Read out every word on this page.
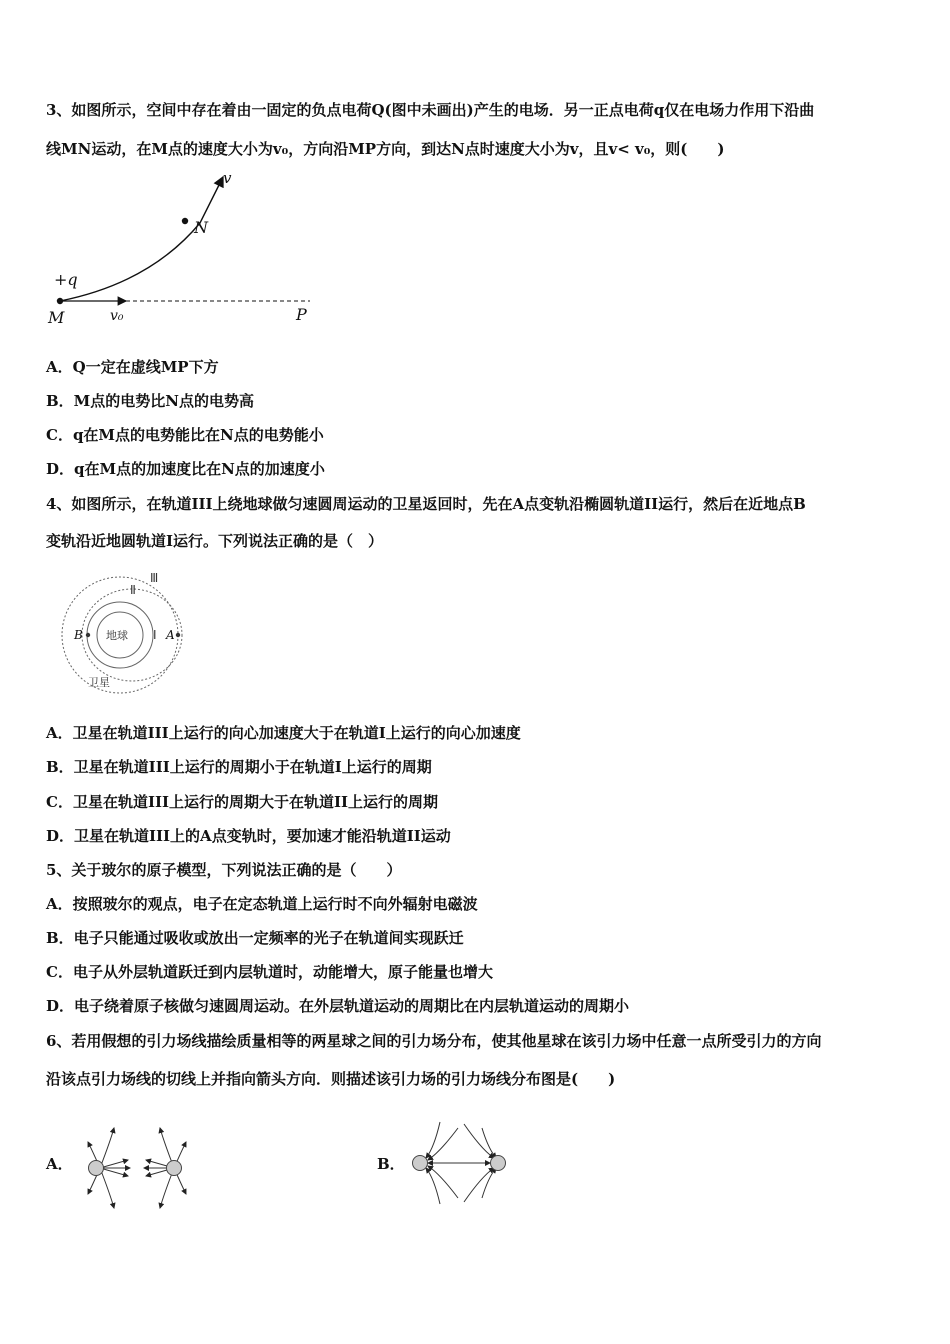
3、如图所示，空间中存在着由一固定的负点电荷Q(图中未画出)产生的电场．另一正点电荷q仅在电场力作用下沿曲
线MN运动，在M点的速度大小为v₀，方向沿MP方向，到达N点时速度大小为v，且v< v₀，则(　　)
v
N
+q
M	v₀	P
A．Q一定在虚线MP下方
B．M点的电势比N点的电势高
C．q在M点的电势能比在N点的电势能小
D．q在M点的加速度比在N点的加速度小
4、如图所示，在轨道III上绕地球做匀速圆周运动的卫星返回时，先在A点变轨沿椭圆轨道II运行，然后在近地点B
变轨沿近地圆轨道I运行。下列说法正确的是（　）
Ⅲ
Ⅱ
Ⅰ A
B 地球
卫星
A．卫星在轨道III上运行的向心加速度大于在轨道I上运行的向心加速度
B．卫星在轨道III上运行的周期小于在轨道I上运行的周期
C．卫星在轨道III上运行的周期大于在轨道II上运行的周期
D．卫星在轨道III上的A点变轨时，要加速才能沿轨道II运动
5、关于玻尔的原子模型，下列说法正确的是（　　）
A．按照玻尔的观点，电子在定态轨道上运行时不向外辐射电磁波
B．电子只能通过吸收或放出一定频率的光子在轨道间实现跃迁
C．电子从外层轨道跃迁到内层轨道时，动能增大，原子能量也增大
D．电子绕着原子核做匀速圆周运动。在外层轨道运动的周期比在内层轨道运动的周期小
6、若用假想的引力场线描绘质量相等的两星球之间的引力场分布，使其他星球在该引力场中任意一点所受引力的方向
沿该点引力场线的切线上并指向箭头方向．则描述该引力场的引力场线分布图是(　　)
A．	B．
